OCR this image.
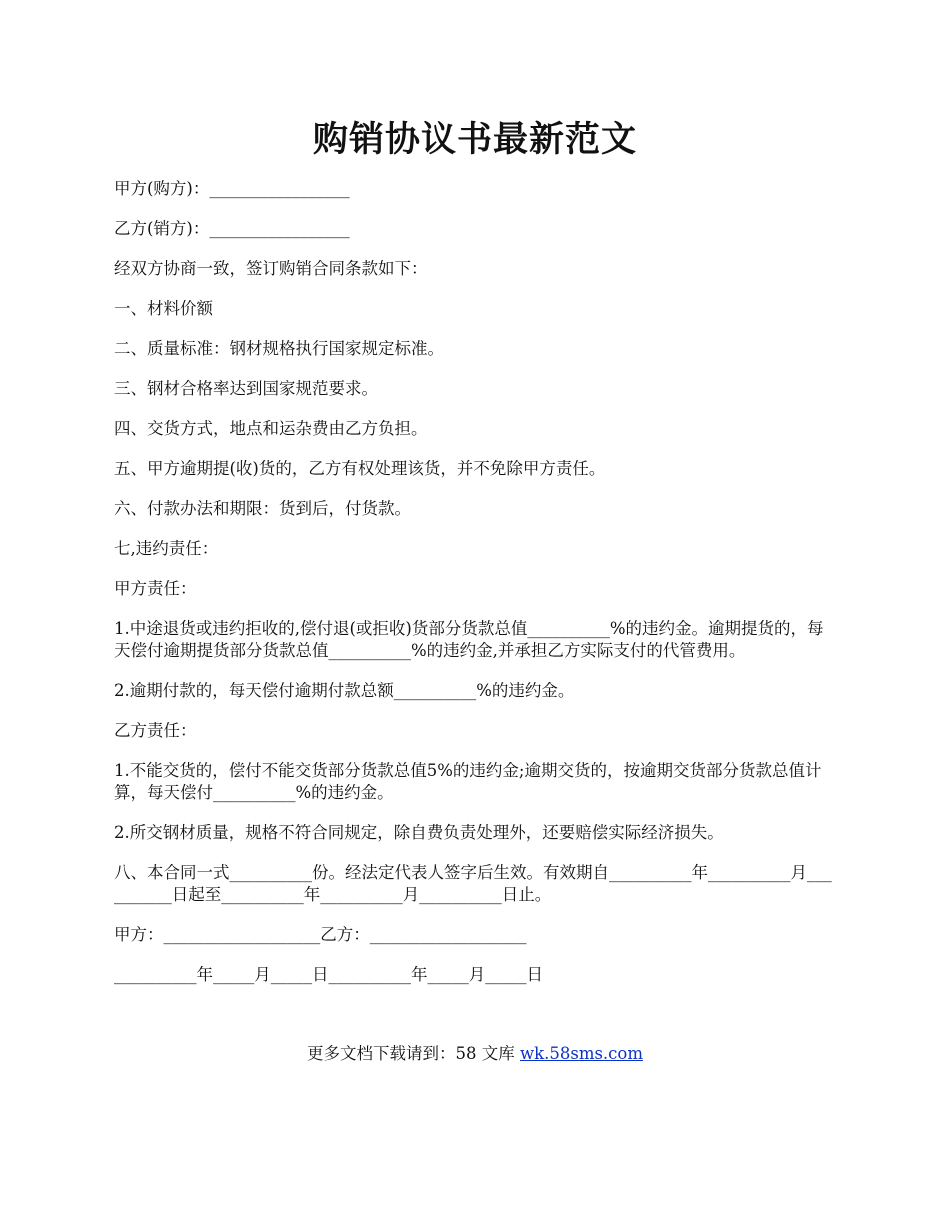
购销协议书最新范文

甲方(购方)：_________________

乙方(销方)：_________________

经双方协商一致，签订购销合同条款如下：

一、材料价额

二、质量标准：钢材规格执行国家规定标准。

三、钢材合格率达到国家规范要求。

四、交货方式，地点和运杂费由乙方负担。

五、甲方逾期提(收)货的，乙方有权处理该货，并不免除甲方责任。

六、付款办法和期限：货到后，付货款。

七,违约责任：

甲方责任：

1.中途退货或违约拒收的,偿付退(或拒收)货部分货款总值__________%的违约金。逾期提货的，每天偿付逾期提货部分货款总值__________%的违约金,并承担乙方实际支付的代管费用。

2.逾期付款的，每天偿付逾期付款总额__________%的违约金。

乙方责任：

1.不能交货的，偿付不能交货部分货款总值5%的违约金;逾期交货的，按逾期交货部分货款总值计算，每天偿付__________%的违约金。

2.所交钢材质量，规格不符合同规定，除自费负责处理外，还要赔偿实际经济损失。

八、本合同一式__________份。经法定代表人签字后生效。有效期自__________年__________月__________日起至__________年__________月__________日止。

甲方：___________________乙方：___________________

__________年_____月_____日__________年_____月_____日

更多文档下载请到：58 文库 wk.58sms.com
